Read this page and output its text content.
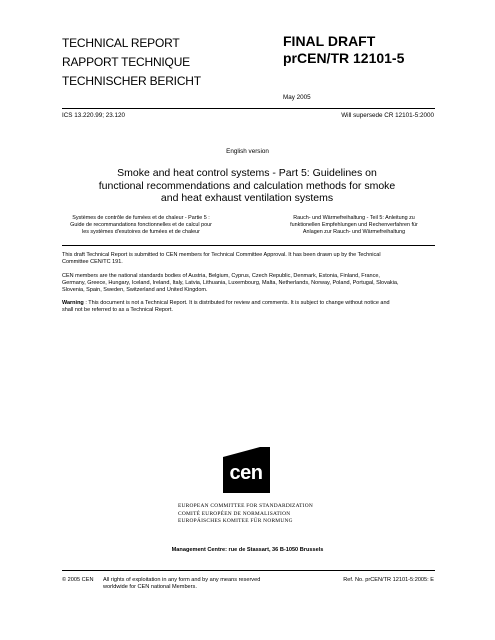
TECHNICAL REPORT
RAPPORT TECHNIQUE
TECHNISCHER BERICHT
FINAL DRAFT
prCEN/TR 12101-5
May 2005
ICS 13.220.99; 23.120	Will supersede CR 12101-5:2000
English version
Smoke and heat control systems - Part 5: Guidelines on
functional recommendations and calculation methods for smoke
and heat exhaust ventilation systems
Systèmes de contrôle de fumées et de chaleur - Partie 5 :
Guide de recommandations fonctionnelles et de calcul pour
les systèmes d'exutoires de fumées et de chaleur
Rauch- und Wärmefreihaltung - Teil 5: Anleitung zu
funktionellen Empfehlungen und Rechenverfahren für
Anlagen zur Rauch- und Wärmefreihaltung
This draft Technical Report is submitted to CEN members for Technical Committee Approval. It has been drawn up by the Technical
Committee CEN/TC 191.
CEN members are the national standards bodies of Austria, Belgium, Cyprus, Czech Republic, Denmark, Estonia, Finland, France,
Germany, Greece, Hungary, Iceland, Ireland, Italy, Latvia, Lithuania, Luxembourg, Malta, Netherlands, Norway, Poland, Portugal, Slovakia,
Slovenia, Spain, Sweden, Switzerland and United Kingdom.
Warning : This document is not a Technical Report. It is distributed for review and comments. It is subject to change without notice and
shall not be referred to as a Technical Report.
cen
EUROPEAN COMMITTEE FOR STANDARDIZATION
COMITÉ EUROPÉEN DE NORMALISATION
EUROPÄISCHES KOMITEE FÜR NORMUNG
Management Centre: rue de Stassart, 36 B-1050 Brussels
© 2005 CEN All rights of exploitation in any form and by any means reserved
worldwide for CEN national Members.
Ref. No. prCEN/TR 12101-5:2005: E
